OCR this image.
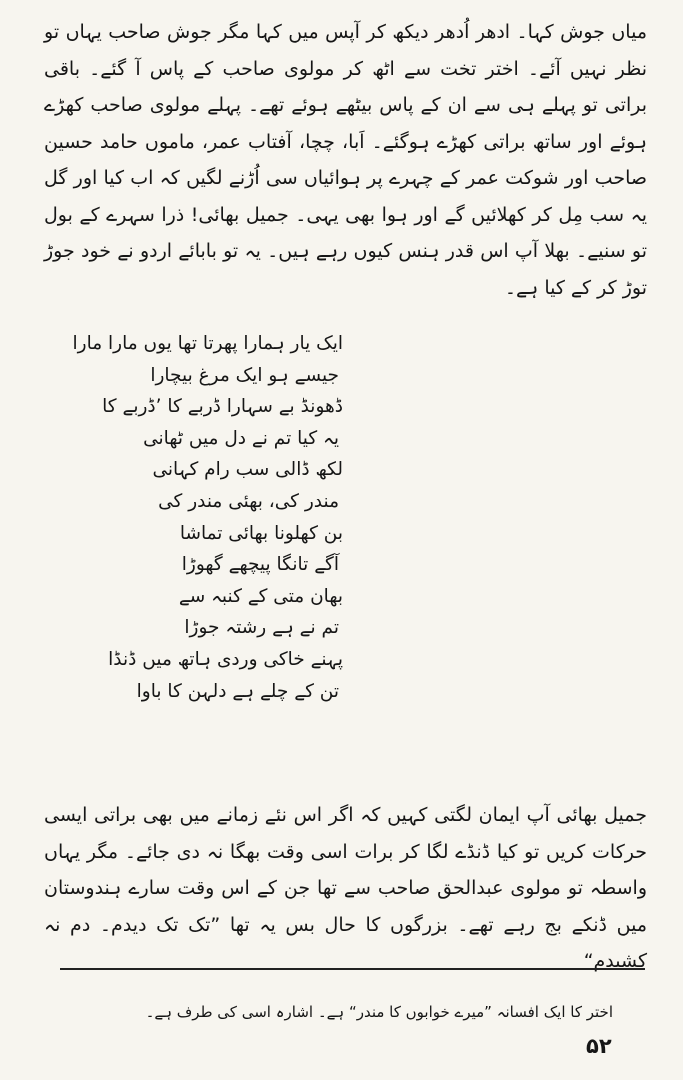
میاں جوش کہا۔ ادھر اُدھر دیکھ کر آپس میں کہا مگر جوش صاحب یہاں تو نظر نہیں آئے۔ اختر تخت سے اٹھ کر مولوی صاحب کے پاس آ گئے۔ باقی براتی تو پہلے ہی سے ان کے پاس بیٹھے ہوئے تھے۔ پہلے مولوی صاحب کھڑے ہوئے اور ساتھ براتی کھڑے ہوگئے۔ اَبا، چچا، آفتاب عمر، ماموں حامد حسین صاحب اور شوکت عمر کے چہرے پر ہوائیاں سی اُڑنے لگیں کہ اب کیا اور گل یہ سب مِل کر کھلائیں گے اور ہوا بھی یہی۔ جمیل بھائی! ذرا سہرے کے بول تو سنیے۔ بھلا آپ اس قدر ہنس کیوں رہے ہیں۔ یہ تو بابائے اردو نے خود جوڑ توڑ کر کے کیا ہے۔

ایک یار ہمارا پھرتا تھا یوں مارا مارا
جیسے ہو ایک مرغ بیچارا
ڈھونڈ بے سہارا ڈربے کا ’ڈربے کا
یہ کیا تم نے دل میں ٹھانی
لکھ ڈالی سب رام کہانی
مندر کی، بھئی مندر کی
بن کھلونا بھائی تماشا
آگے تانگا پیچھے گھوڑا
بھان متی کے کنبہ سے
تم نے ہے رشتہ جوڑا
پہنے خاکی وردی ہاتھ میں ڈنڈا
تن کے چلے ہے دلہن کا باوا

جمیل بھائی آپ ایمان لگتی کہیں کہ اگر اس نئے زمانے میں بھی براتی ایسی حرکات کریں تو کیا ڈنڈے لگا کر برات اسی وقت بھگا نہ دی جائے۔ مگر یہاں واسطہ تو مولوی عبدالحق صاحب سے تھا جن کے اس وقت سارے ہندوستان میں ڈنکے بج رہے تھے۔ بزرگوں کا حال بس یہ تھا ”تک تک دیدم۔ دم نہ کشیدم“

اختر کا ایک افسانہ ”میرے خوابوں کا مندر“ ہے۔ اشارہ اسی کی طرف ہے۔

۵۲
